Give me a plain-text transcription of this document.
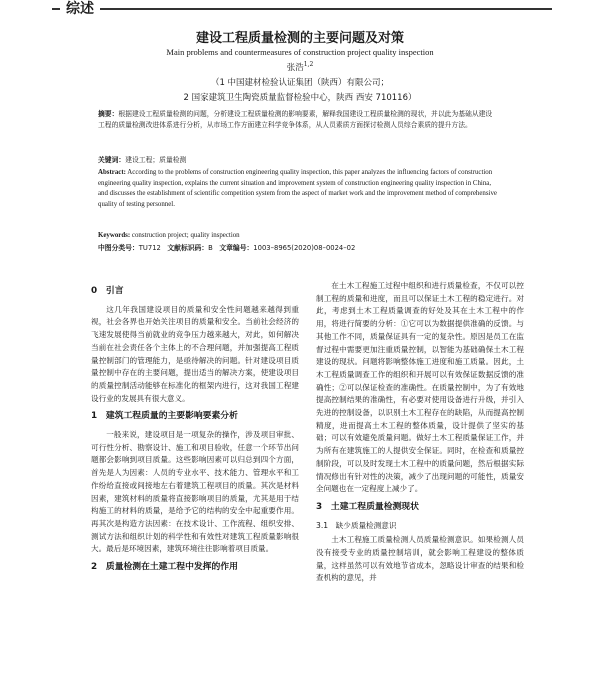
综述
建设工程质量检测的主要问题及对策
Main problems and countermeasures of construction project quality inspection
张浩$^{1,2}$
（1 中国建材检验认证集团（陕西）有限公司；
2 国家建筑卫生陶瓷质量监督检验中心，陕西 西安 710116）
摘要：根据建设工程质量检测的问题，分析建设工程质量检测的影响要素，解释我国建设工程质量检测的现状，并以此为基础从建设工程的质量检测改进体系进行分析，从市场工作方面建立科学竞争体系，从人员素质方面探讨检测人员综合素质的提升方法。
关键词：建设工程；质量检测
Abstract: According to the problems of construction engineering quality inspection, this paper analyzes the influencing factors of construction engineering quality inspection, explains the current situation and improvement system of construction engineering quality inspection in China, and discusses the establishment of scientific competition system from the aspect of market work and the improvement method of comprehensive quality of testing personnel.
Keywords: construction project; quality inspection
中图分类号：TU712 文献标识码：B 文章编号：1003–8965(2020)08–0024–02
0　引言

这几年我国建设项目的质量和安全性问题越来越得到重视，社会各界也开始关注项目的质量和安全。当前社会经济的飞速发展使得当前就业的竞争压力越来越大，对此，如何解决当前在社会责任各个主体上的不合理问题，并加强提高工程质量控制部门的管理能力，是亟待解决的问题。针对建设项目质量控制中存在的主要问题，提出适当的解决方案，使建设项目的质量控制活动能够在标准化的框架内进行，这对我国工程建设行业的发展具有很大意义。

1　建筑工程质量的主要影响要素分析

一般来说，建设项目是一项复杂的操作，涉及项目审批、可行性分析、勘察设计、施工和项目验收，任意一个环节出问题都会影响到项目质量。这些影响因素可以归总到四个方面，首先是人为因素：人员的专业水平、技术能力、管理水平和工作纷给直接或间接地左右着建筑工程项目的质量。其次是材料因素，建筑材料的质量将直接影响项目的质量，尤其是用于结构施工的材料的质量，是给予它的结构的安全中起重要作用。再其次是构造方法因素：在技术设计、工作流程、组织安排、测试方法和组织计划的科学性和有效性对建筑工程质量影响很大。最后是环境因素，建筑环境往往影响着项目质量。

2　质量检测在土建工程中发挥的作用

在土木工程施工过程中组织和进行质量检查，不仅可以控制工程的质量和进度，而且可以保证土木工程的稳定进行。对此，考虑到土木工程质量调查的好处及其在土木工程中的作用，将进行简要的分析：①它可以为数据提供准确的反馈。与其他工作不同，质量保证具有一定的复杂性。原因是员工在监督过程中需要更加注重质量控制，以智能为基础确保土木工程建设的现状。问题将影响整体施工进度和施工质量。因此，土木工程质量调查工作的组织和开展可以有效保证数据反馈的准确性；②可以保证检查的准确性。在质量控制中，为了有效地提高控制结果的准确性，有必要对使用设备进行升级，并引入先进的控制设备，以识别土木工程存在的缺陷，从而提高控制精度，进而提高土木工程的整体质量，设计提供了坚实的基础；可以有效避免质量问题。做好土木工程质量保证工作，并为所有在建筑施工的人提供安全保证。同时，在检查和质量控制阶段，可以及时发现土木工程中的质量问题，然后根据实际情况修出有针对性的决策，减少了出现问题的可能性，质量安全问题也在一定程度上减少了。

3　土建工程质量检测现状
3.1　缺少质量检测意识

土木工程施工质量检测人员质量检测意识。如果检测人员没有接受专业的质量控制培训，就会影响工程建设的整体质量，这样虽然可以有效地节省成本，忽略设计审查的结果和检查机构的意见，并
